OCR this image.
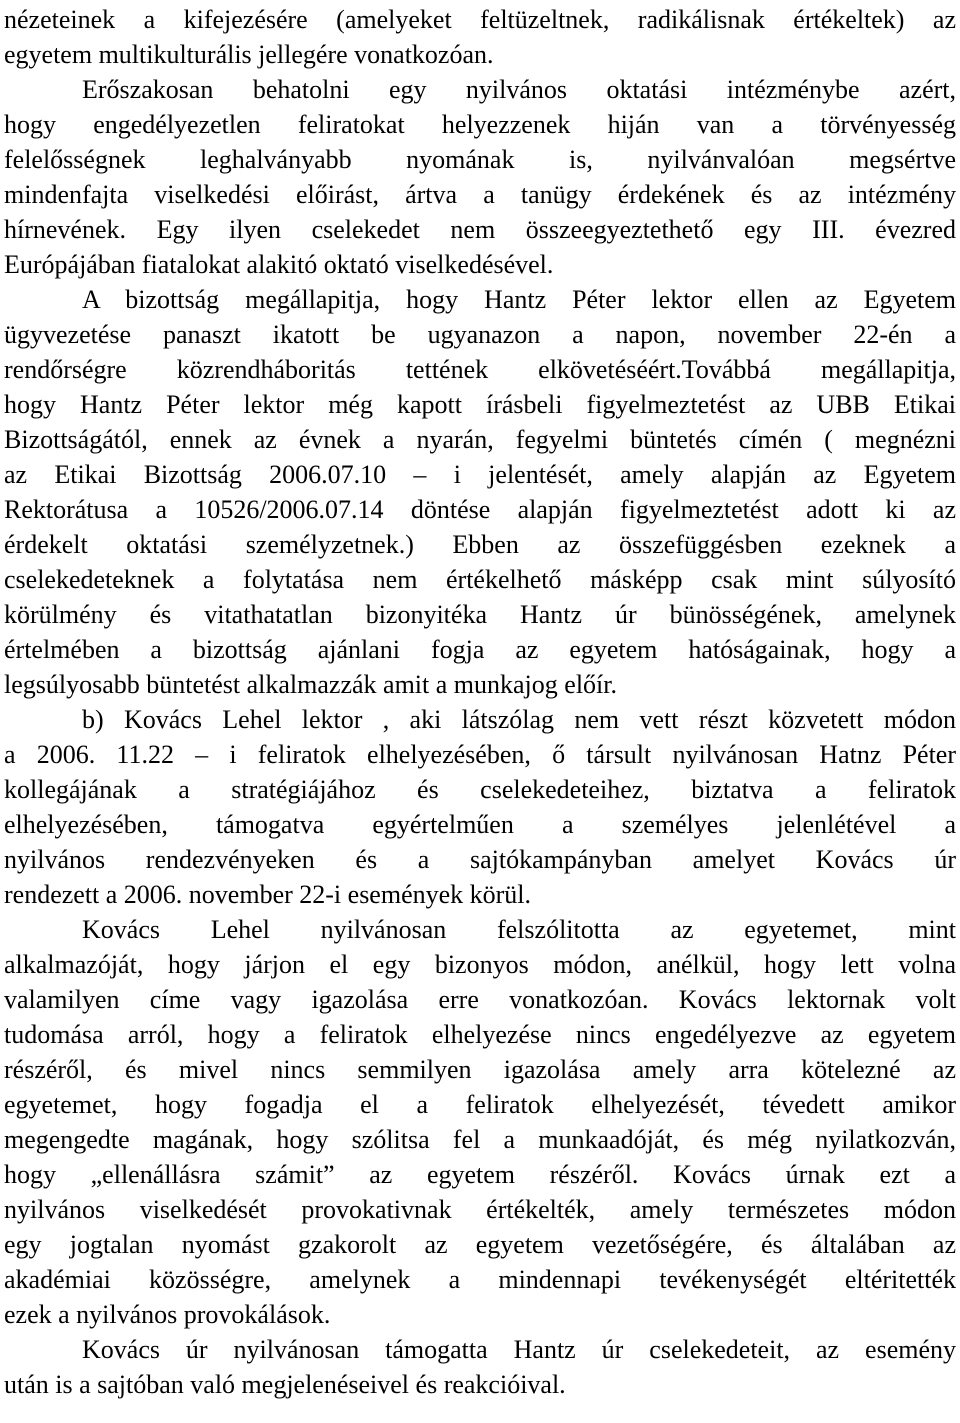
nézeteinek a kifejezésére (amelyeket feltüzeltnek, radikálisnak értékeltek) az
egyetem multikulturális jellegére vonatkozóan.
Erőszakosan behatolni egy nyilvános oktatási intézménybe azért,
hogy engedélyezetlen feliratokat helyezzenek hiján van a törvényesség
felelősségnek leghalványabb nyomának is, nyilvánvalóan megsértve
mindenfajta viselkedési előirást, ártva a tanügy érdekének és az intézmény
hírnevének. Egy ilyen cselekedet nem összeegyeztethető egy III. évezred
Európájában fiatalokat alakitó oktató viselkedésével.
A bizottság megállapitja, hogy Hantz Péter lektor ellen az Egyetem
ügyvezetése panaszt ikatott be ugyanazon a napon, november 22-én a
rendőrségre közrendháboritás tettének elkövetéséért.Továbbá megállapitja,
hogy Hantz Péter lektor még kapott írásbeli figyelmeztetést az UBB Etikai
Bizottságától, ennek az évnek a nyarán, fegyelmi büntetés címén ( megnézni
az Etikai Bizottság 2006.07.10 – i jelentését, amely alapján az Egyetem
Rektorátusa a 10526/2006.07.14 döntése alapján figyelmeztetést adott ki az
érdekelt oktatási személyzetnek.) Ebben az összefüggésben ezeknek a
cselekedeteknek a folytatása nem értékelhető másképp csak mint súlyosító
körülmény és vitathatatlan bizonyitéka Hantz úr bünösségének, amelynek
értelmében a bizottság ajánlani fogja az egyetem hatóságainak, hogy a
legsúlyosabb büntetést alkalmazzák amit a munkajog előír.
b) Kovács Lehel lektor , aki látszólag nem vett részt közvetett módon
a 2006. 11.22 – i feliratok elhelyezésében, ő társult nyilvánosan Hatnz Péter
kollegájának a stratégiájához és cselekedeteihez, biztatva a feliratok
elhelyezésében, támogatva egyértelműen a személyes jelenlétével a
nyilvános rendezvényeken és a sajtókampányban amelyet Kovács úr
rendezett a 2006. november 22-i események körül.
Kovács Lehel nyilvánosan felszólitotta az egyetemet, mint
alkalmazóját, hogy járjon el egy bizonyos módon, anélkül, hogy lett volna
valamilyen címe vagy igazolása erre vonatkozóan. Kovács lektornak volt
tudomása arról, hogy a feliratok elhelyezése nincs engedélyezve az egyetem
részéről, és mivel nincs semmilyen igazolása amely arra kötelezné az
egyetemet, hogy fogadja el a feliratok elhelyezését, tévedett amikor
megengedte magának, hogy szólitsa fel a munkaadóját, és még nyilatkozván,
hogy „ellenállásra számit” az egyetem részéről. Kovács úrnak ezt a
nyilvános viselkedését provokativnak értékelték, amely természetes módon
egy jogtalan nyomást gzakorolt az egyetem vezetőségére, és általában az
akadémiai közösségre, amelynek a mindennapi tevékenységét eltéritették
ezek a nyilvános provokálások.
Kovács úr nyilvánosan támogatta Hantz úr cselekedeteit, az esemény
után is a sajtóban való megjelenéseivel és reakcióival.
